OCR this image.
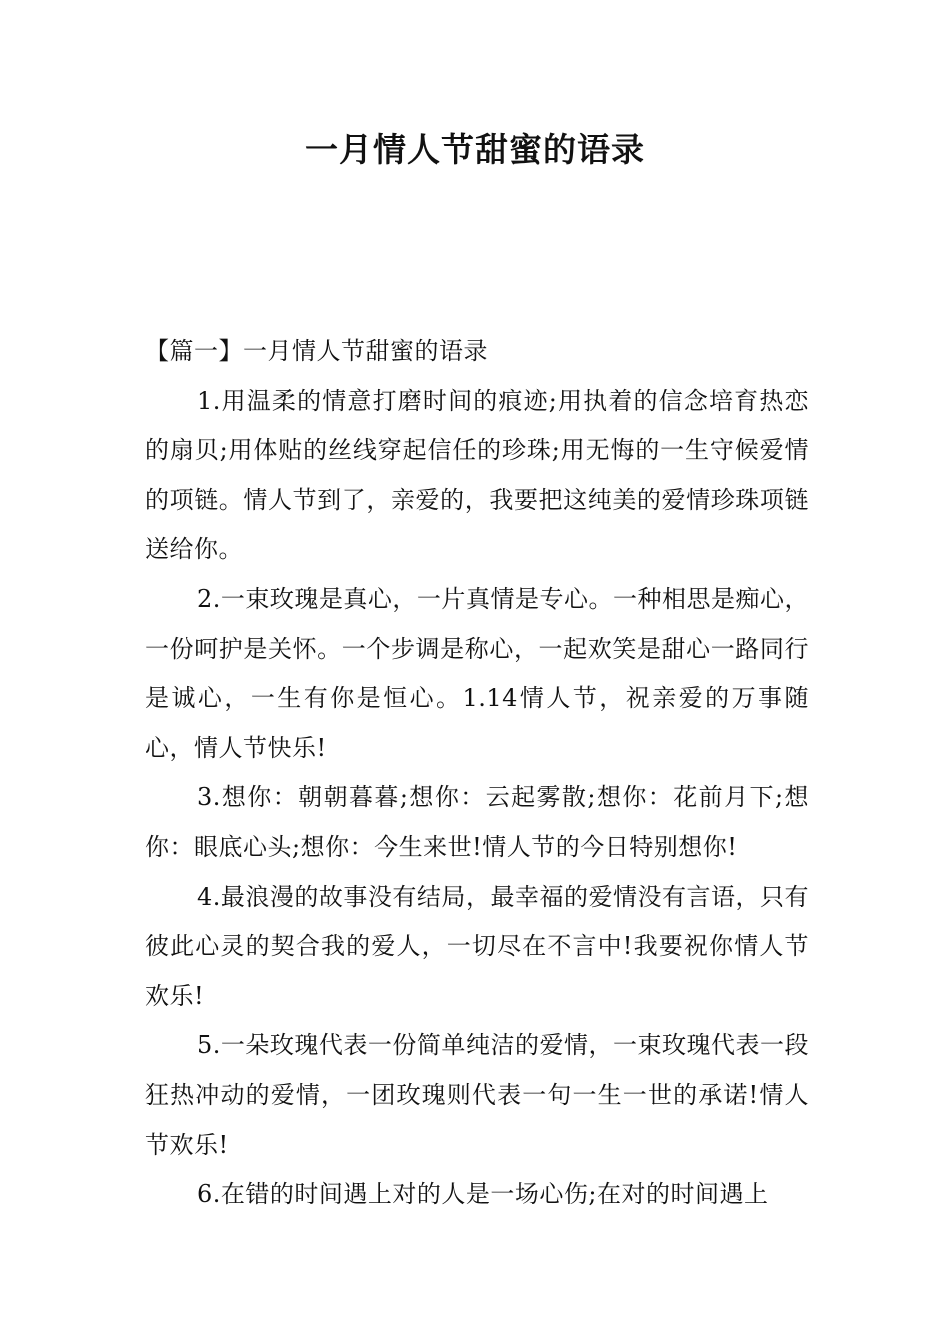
一月情人节甜蜜的语录

【篇一】一月情人节甜蜜的语录

1.用温柔的情意打磨时间的痕迹;用执着的信念培育热恋的扇贝;用体贴的丝线穿起信任的珍珠;用无悔的一生守候爱情的项链。情人节到了，亲爱的，我要把这纯美的爱情珍珠项链送给你。

2.一束玫瑰是真心，一片真情是专心。一种相思是痴心，一份呵护是关怀。一个步调是称心，一起欢笑是甜心一路同行是诚心，一生有你是恒心。1.14情人节，祝亲爱的万事随心，情人节快乐!

3.想你：朝朝暮暮;想你：云起雾散;想你：花前月下;想你：眼底心头;想你：今生来世!情人节的今日特别想你!

4.最浪漫的故事没有结局，最幸福的爱情没有言语，只有彼此心灵的契合我的爱人，一切尽在不言中!我要祝你情人节欢乐!

5.一朵玫瑰代表一份简单纯洁的爱情，一束玫瑰代表一段狂热冲动的爱情，一团玫瑰则代表一句一生一世的承诺!情人节欢乐!

6.在错的时间遇上对的人是一场心伤;在对的时间遇上
